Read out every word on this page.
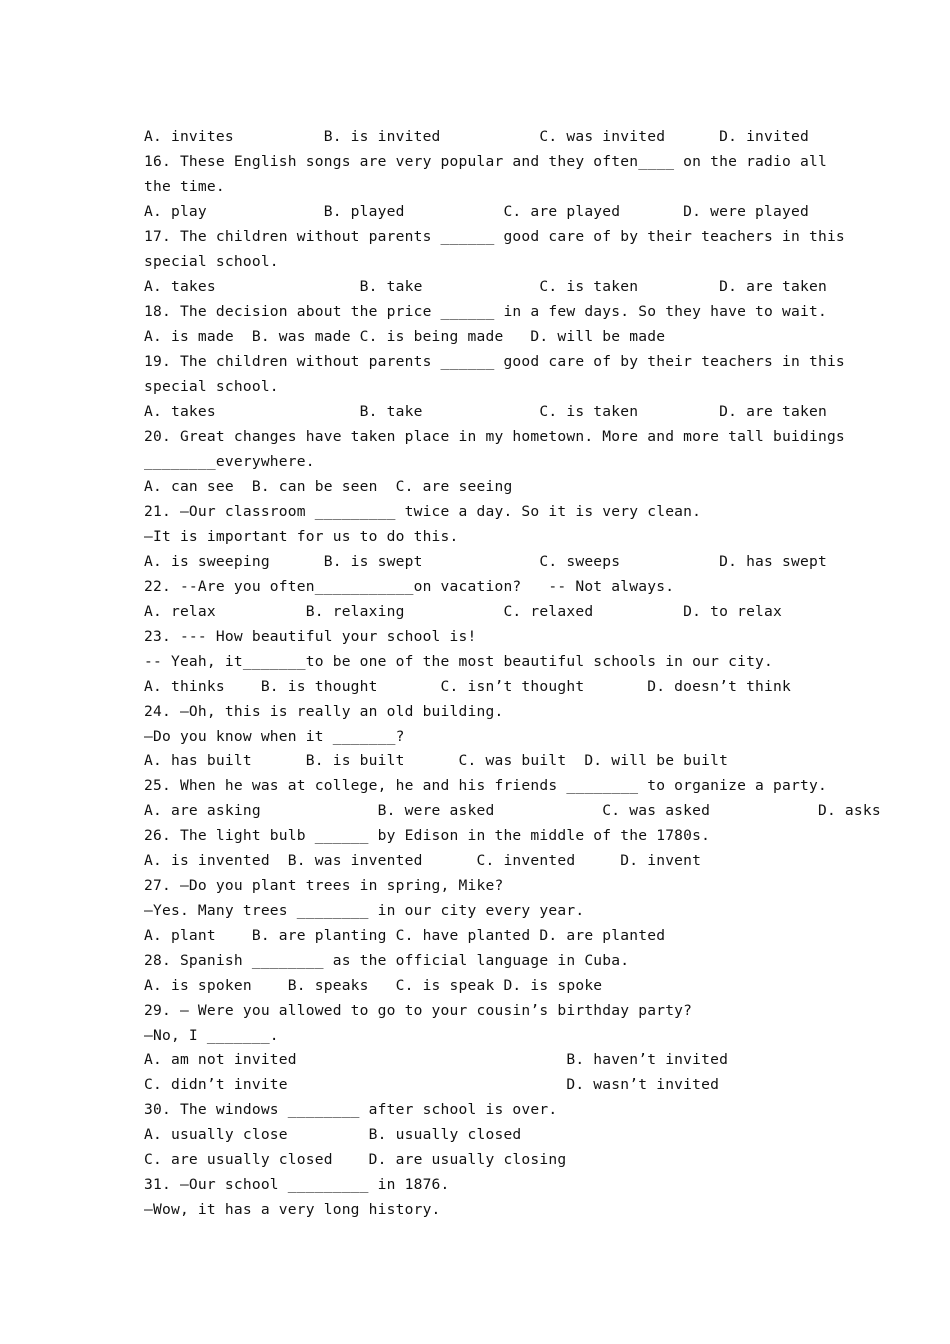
A. invites          B. is invited           C. was invited      D. invited
16. These English songs are very popular and they often____ on the radio all
the time.
A. play             B. played           C. are played       D. were played
17. The children without parents ______ good care of by their teachers in this
special school.
A. takes                B. take             C. is taken         D. are taken
18. The decision about the price ______ in a few days. So they have to wait.
A. is made  B. was made C. is being made   D. will be made
19. The children without parents ______ good care of by their teachers in this
special school.
A. takes                B. take             C. is taken         D. are taken
20. Great changes have taken place in my hometown. More and more tall buidings
________everywhere.
A. can see  B. can be seen  C. are seeing
21. –Our classroom _________ twice a day. So it is very clean.
–It is important for us to do this.
A. is sweeping      B. is swept             C. sweeps           D. has swept
22. --Are you often___________on vacation?   -- Not always.
A. relax          B. relaxing           C. relaxed          D. to relax
23. --- How beautiful your school is!
-- Yeah, it_______to be one of the most beautiful schools in our city.
A. thinks    B. is thought       C. isn’t thought       D. doesn’t think
24. —Oh, this is really an old building.
—Do you know when it _______?
A. has built      B. is built      C. was built  D. will be built
25. When he was at college, he and his friends ________ to organize a party.
A. are asking             B. were asked            C. was asked            D. asks
26. The light bulb ______ by Edison in the middle of the 1780s.
A. is invented  B. was invented      C. invented     D. invent
27. —Do you plant trees in spring, Mike?
—Yes. Many trees ________ in our city every year.
A. plant    B. are planting C. have planted D. are planted
28. Spanish ________ as the official language in Cuba.
A. is spoken    B. speaks   C. is speak D. is spoke
29. — Were you allowed to go to your cousin’s birthday party?
—No, I _______.
A. am not invited                              B. haven’t invited
C. didn’t invite                               D. wasn’t invited
30. The windows ________ after school is over.
A. usually close         B. usually closed
C. are usually closed    D. are usually closing
31. —Our school _________ in 1876.
—Wow, it has a very long history.
